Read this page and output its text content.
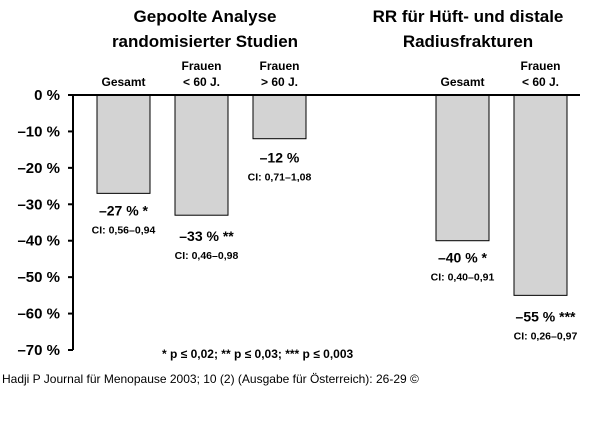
Gepoolte Analyse
randomisierter Studien
RR für Hüft- und distale
Radiusfrakturen
0 %
–10 %
–20 %
–30 %
–40 %
–50 %
–60 %
–70 %
Gesamt
–27 % *
CI: 0,56–0,94
Frauen
< 60 J.
–33 % **
CI: 0,46–0,98
Frauen
> 60 J.
–12 %
CI: 0,71–1,08
Gesamt
–40 % *
CI: 0,40–0,91
Frauen
< 60 J.
–55 % ***
CI: 0,26–0,97
* p ≤ 0,02; ** p ≤ 0,03; *** p ≤ 0,003
Hadji P Journal für Menopause 2003; 10 (2) (Ausgabe für Österreich): 26-29 ©
